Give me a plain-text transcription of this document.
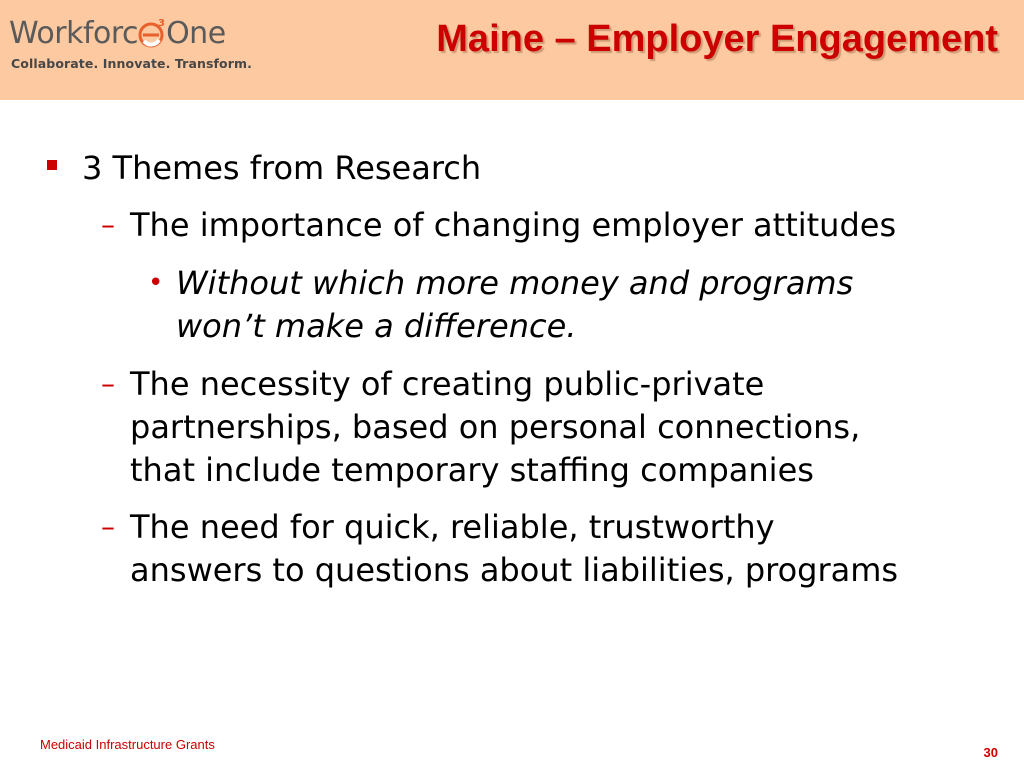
Workforc 3 One
Collaborate. Innovate. Transform.
Maine – Employer Engagement
3 Themes from Research
– The importance of changing employer attitudes
• Without which more money and programs
won’t make a difference.
– The necessity of creating public-private
partnerships, based on personal connections,
that include temporary staffing companies
– The need for quick, reliable, trustworthy
answers to questions about liabilities, programs
Medicaid Infrastructure Grants
30
